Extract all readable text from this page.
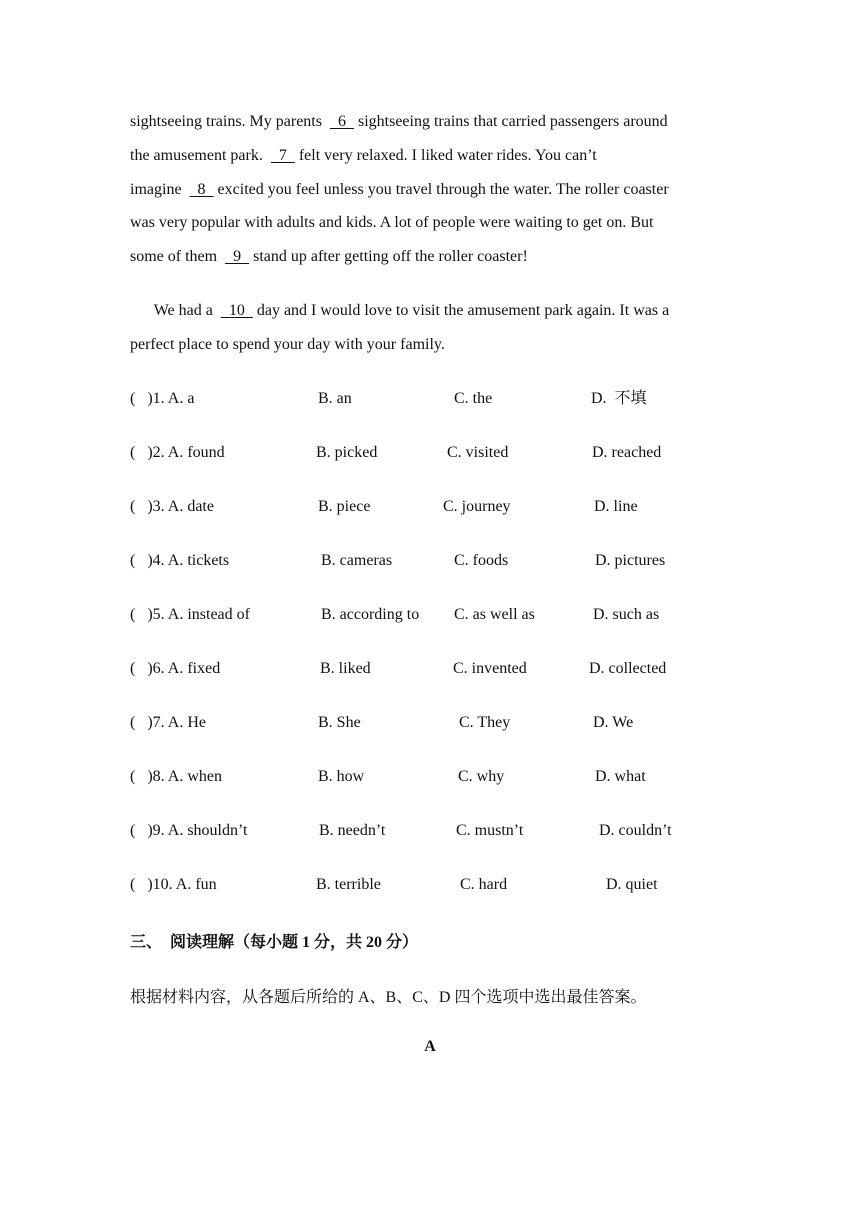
sightseeing trains. My parents    6   sightseeing trains that carried passengers around
the amusement park.    7   felt very relaxed. I liked water rides. You can’t
imagine    8   excited you feel unless you travel through the water. The roller coaster
was very popular with adults and kids. A lot of people were waiting to get on. But
some of them    9   stand up after getting off the roller coaster!
We had a    10   day and I would love to visit the amusement park again. It was a
perfect place to spend your day with your family.
(   )1. A. a	B. an	C. the	D.  不填
(   )2. A. found	B. picked	C. visited	D. reached
(   )3. A. date	B. piece	C. journey	D. line
(   )4. A. tickets	B. cameras	C. foods	D. pictures
(   )5. A. instead of	B. according to C. as well as	D. such as
(   )6. A. fixed	B. liked	C. invented	D. collected
(   )7. A. He	B. She	C. They	D. We
(   )8. A. when	B. how	C. why	D. what
(   )9. A. shouldn’t	B. needn’t	C. mustn’t	D. couldn’t
(   )10. A. fun	B. terrible	C. hard	D. quiet
三、  阅读理解（每小题 1 分，共 20 分）
根据材料内容，从各题后所给的 A、B、C、D 四个选项中选出最佳答案。
A
